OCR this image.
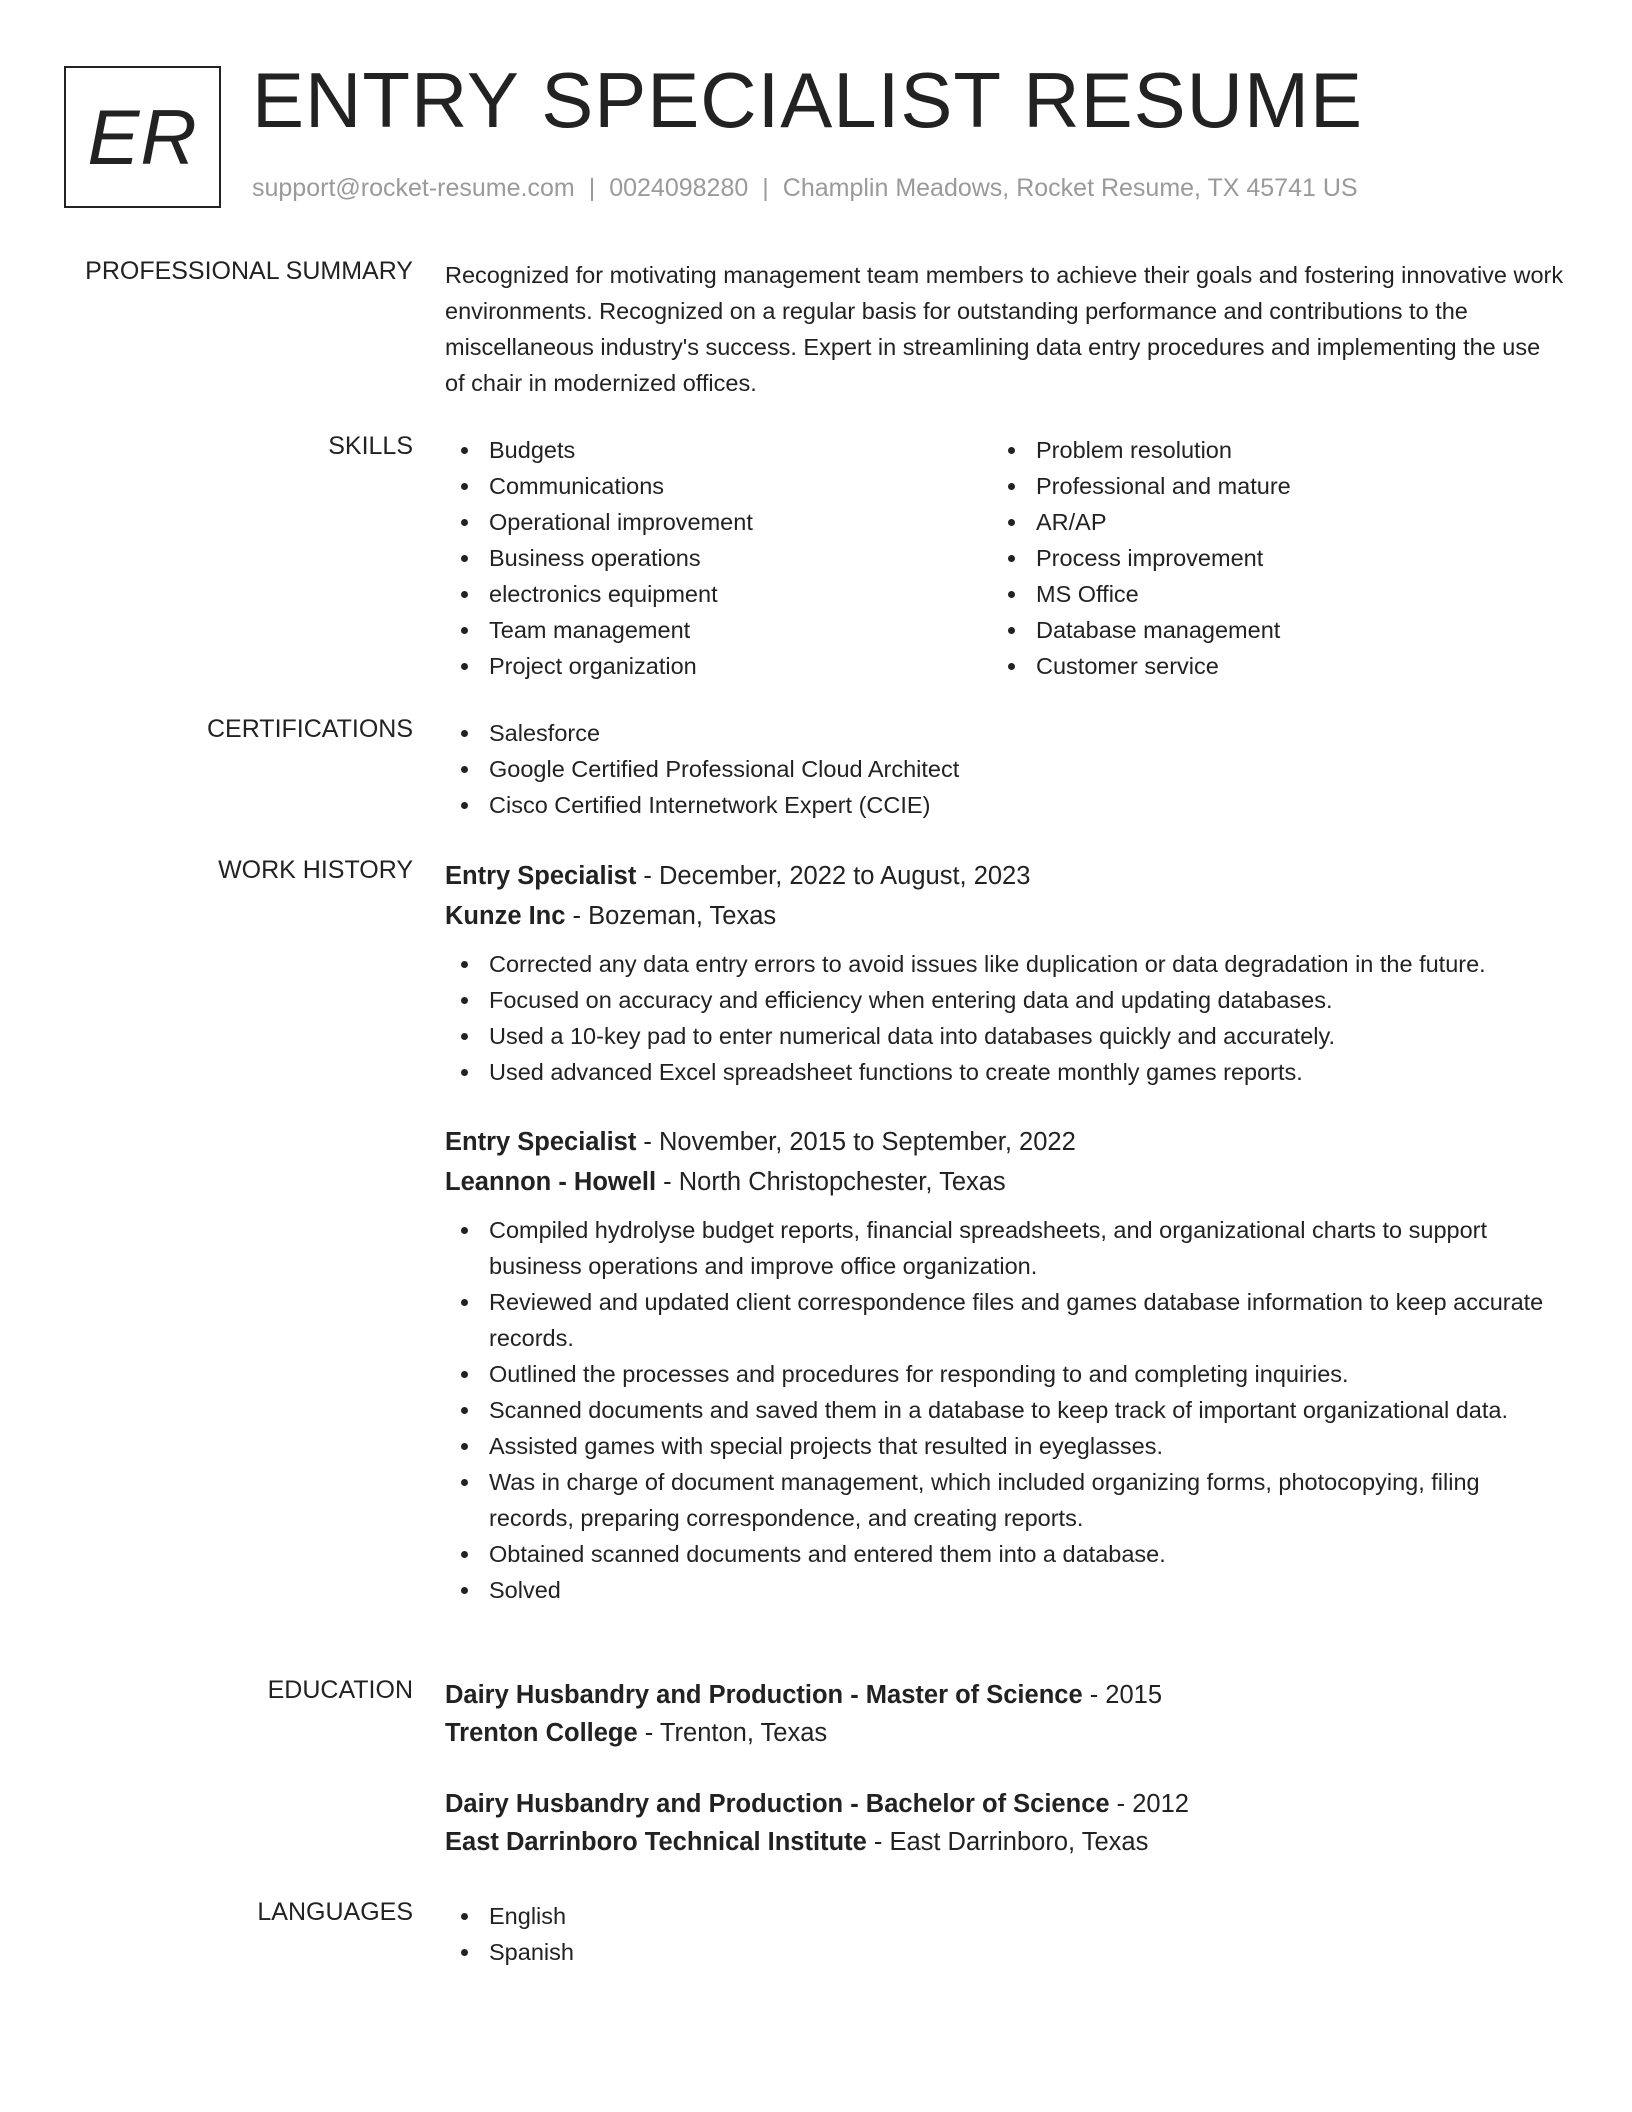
ER ENTRY SPECIALIST RESUME
support@rocket-resume.com | 0024098280 | Champlin Meadows, Rocket Resume, TX 45741 US
PROFESSIONAL SUMMARY Recognized for motivating management team members to achieve their goals and fostering innovative work environments. Recognized on a regular basis for outstanding performance and contributions to the miscellaneous industry's success. Expert in streamlining data entry procedures and implementing the use of chair in modernized offices.

SKILLS	Budgets
Communications
Operational improvement
Business operations
electronics equipment
Team management
Project organization
Problem resolution
Professional and mature
AR/AP
Process improvement
MS Office
Database management
Customer service
CERTIFICATIONS	Salesforce
Google Certified Professional Cloud Architect
Cisco Certified Internetwork Expert (CCIE)
WORK HISTORY Entry Specialist - December, 2022 to August, 2023
Kunze Inc - Bozeman, Texas
Corrected any data entry errors to avoid issues like duplication or data degradation in the future.
Focused on accuracy and efficiency when entering data and updating databases.
Used a 10-key pad to enter numerical data into databases quickly and accurately.
Used advanced Excel spreadsheet functions to create monthly games reports.
Entry Specialist - November, 2015 to September, 2022
Leannon - Howell - North Christopchester, Texas
Compiled hydrolyse budget reports, financial spreadsheets, and organizational charts to support business operations and improve office organization.
Reviewed and updated client correspondence files and games database information to keep accurate records.
Outlined the processes and procedures for responding to and completing inquiries.
Scanned documents and saved them in a database to keep track of important organizational data.
Assisted games with special projects that resulted in eyeglasses.
Was in charge of document management, which included organizing forms, photocopying, filing records, preparing correspondence, and creating reports.
Obtained scanned documents and entered them into a database.
Solved
EDUCATION Dairy Husbandry and Production - Master of Science - 2015
Trenton College - Trenton, Texas
Dairy Husbandry and Production - Bachelor of Science - 2012
East Darrinboro Technical Institute - East Darrinboro, Texas
LANGUAGES	English
Spanish
